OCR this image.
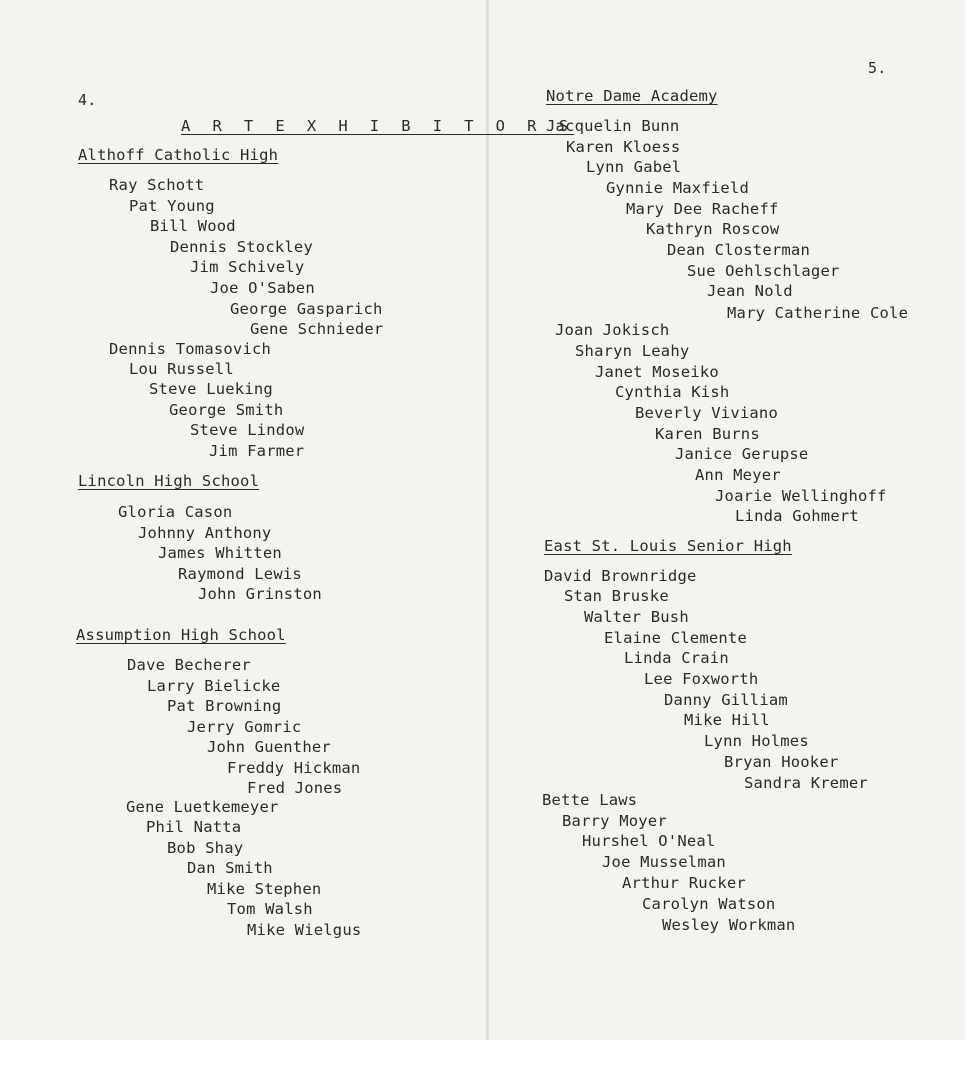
4.
A R T E X H I B I T O R S
Althoff Catholic High
Ray Schott
Pat Young
Bill Wood
Dennis Stockley
Jim Schively
Joe O'Saben
George Gasparich
Gene Schnieder
Dennis Tomasovich
Lou Russell
Steve Lueking
George Smith
Steve Lindow
Jim Farmer
Lincoln High School
Gloria Cason
Johnny Anthony
James Whitten
Raymond Lewis
John Grinston
Assumption High School
Dave Becherer
Larry Bielicke
Pat Browning
Jerry Gomric
John Guenther
Freddy Hickman
Fred Jones
Gene Luetkemeyer
Phil Natta
Bob Shay
Dan Smith
Mike Stephen
Tom Walsh
Mike Wielgus
5.
Notre Dame Academy
Jacquelin Bunn
Karen Kloess
Lynn Gabel
Gynnie Maxfield
Mary Dee Racheff
Kathryn Roscow
Dean Closterman
Sue Oehlschlager
Jean Nold
Mary Catherine Cole
Joan Jokisch
Sharyn Leahy
Janet Moseiko
Cynthia Kish
Beverly Viviano
Karen Burns
Janice Gerupse
Ann Meyer
Joarie Wellinghoff
Linda Gohmert
East St. Louis Senior High
David Brownridge
Stan Bruske
Walter Bush
Elaine Clemente
Linda Crain
Lee Foxworth
Danny Gilliam
Mike Hill
Lynn Holmes
Bryan Hooker
Sandra Kremer
Bette Laws
Barry Moyer
Hurshel O'Neal
Joe Musselman
Arthur Rucker
Carolyn Watson
Wesley Workman
